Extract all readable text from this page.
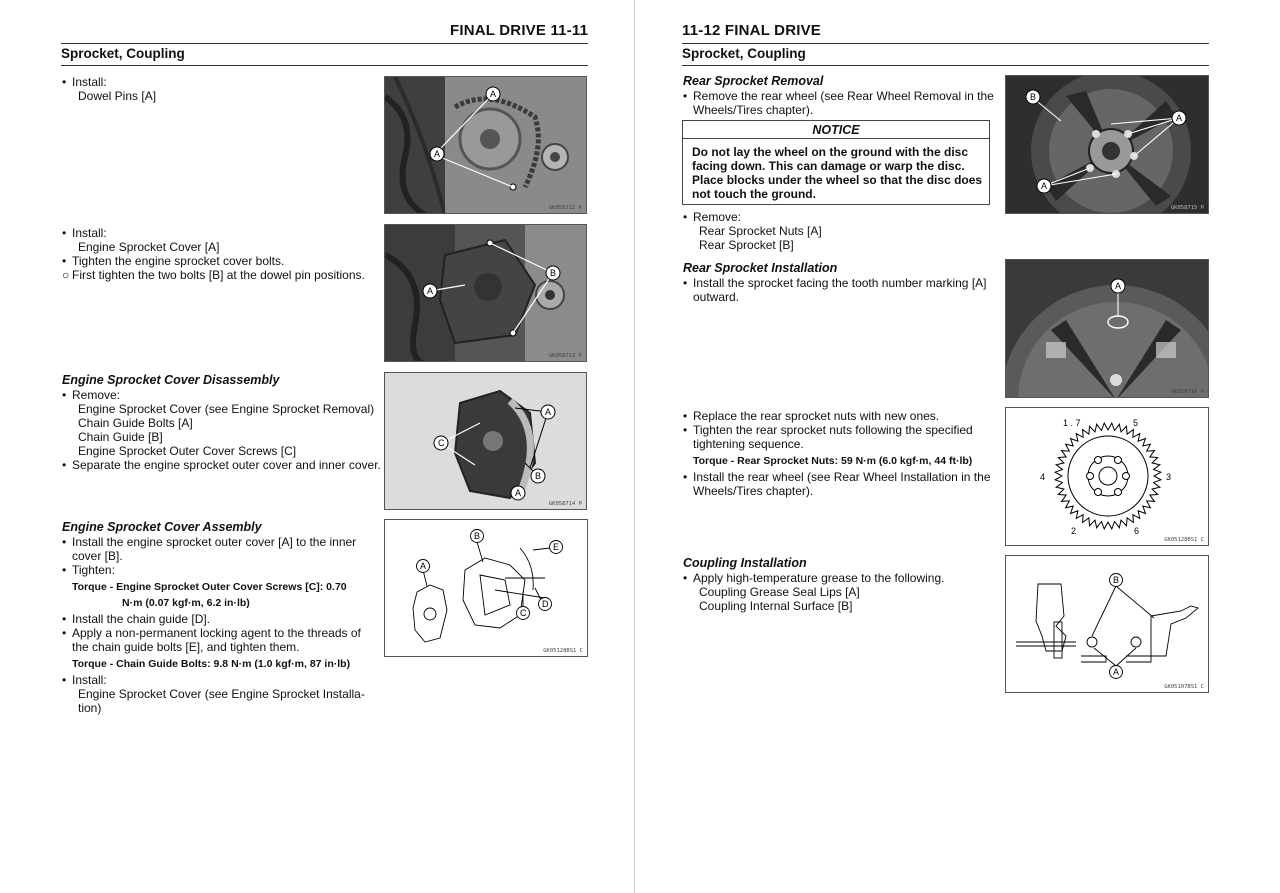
FINAL DRIVE 11-11
Sprocket, Coupling
• Install:
Dowel Pins [A]
• Install:
Engine Sprocket Cover [A]
• Tighten the engine sprocket cover bolts.
○ First tighten the two bolts [B] at the dowel pin positions.
Engine Sprocket Cover Disassembly
• Remove:
Engine Sprocket Cover (see Engine Sprocket Removal)
Chain Guide Bolts [A]
Chain Guide [B]
Engine Sprocket Outer Cover Screws [C]
• Separate the engine sprocket outer cover and inner cover.
Engine Sprocket Cover Assembly
• Install the engine sprocket outer cover [A] to the inner
cover [B].
• Tighten:
Torque - Engine Sprocket Outer Cover Screws [C]: 0.70
N·m (0.07 kgf·m, 6.2 in·lb)
• Install the chain guide [D].
• Apply a non-permanent locking agent to the threads of
the chain guide bolts [E], and tighten them.
Torque - Chain Guide Bolts: 9.8 N·m (1.0 kgf·m, 87 in·lb)
• Install:
Engine Sprocket Cover (see Engine Sprocket Installa-
tion)
A
A
GK058712 P
A
B
GK058713 P
A
B
C
A
GK058714 P
A
B
C
D
E
GK05128BS1 C
11-12 FINAL DRIVE
Sprocket, Coupling
Rear Sprocket Removal
• Remove the rear wheel (see Rear Wheel Removal in the
Wheels/Tires chapter).
NOTICE
Do not lay the wheel on the ground with the disc
facing down. This can damage or warp the disc.
Place blocks under the wheel so that the disc does
not touch the ground.
• Remove:
Rear Sprocket Nuts [A]
Rear Sprocket [B]
Rear Sprocket Installation
• Install the sprocket facing the tooth number marking [A]
outward.
• Replace the rear sprocket nuts with new ones.
• Tighten the rear sprocket nuts following the specified
tightening sequence.
Torque - Rear Sprocket Nuts: 59 N·m (6.0 kgf·m, 44 ft·lb)
• Install the rear wheel (see Rear Wheel Installation in the
Wheels/Tires chapter).
Coupling Installation
• Apply high-temperature grease to the following.
Coupling Grease Seal Lips [A]
Coupling Internal Surface [B]
B
A
A
GK058715 P
A
GK058716 P
1 . 7	5
4	3
2	6
GK05128BS1 C
B
A
GK05107BS1 C
